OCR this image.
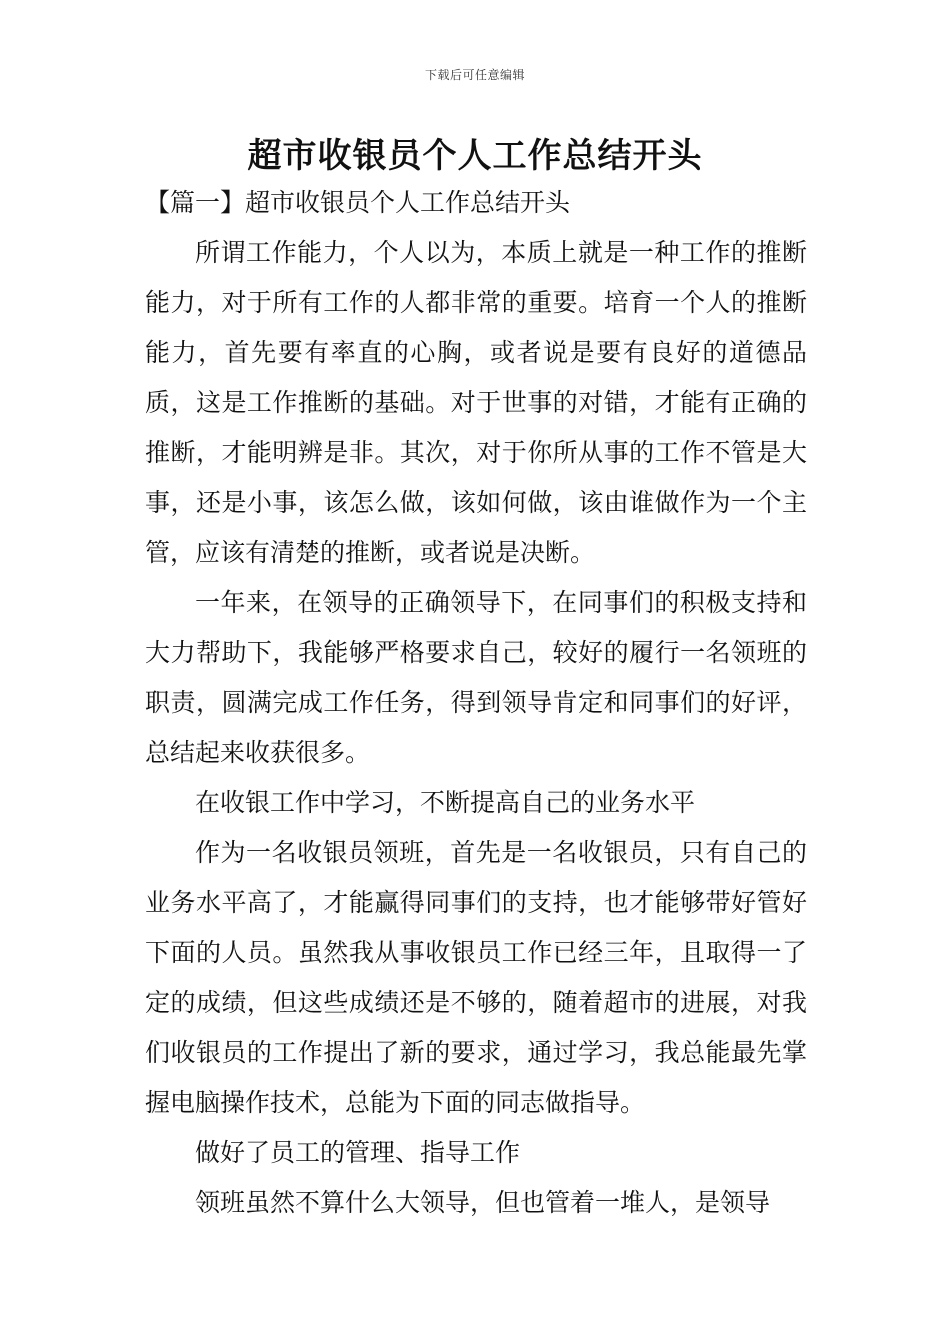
下载后可任意编辑
超市收银员个人工作总结开头

【篇一】超市收银员个人工作总结开头

所谓工作能力，个人以为，本质上就是一种工作的推断能力，对于所有工作的人都非常的重要。培育一个人的推断能力，首先要有率直的心胸，或者说是要有良好的道德品质，这是工作推断的基础。对于世事的对错，才能有正确的推断，才能明辨是非。其次，对于你所从事的工作不管是大事，还是小事，该怎么做，该如何做，该由谁做作为一个主管，应该有清楚的推断，或者说是决断。

一年来，在领导的正确领导下，在同事们的积极支持和大力帮助下，我能够严格要求自己，较好的履行一名领班的职责，圆满完成工作任务，得到领导肯定和同事们的好评，总结起来收获很多。

在收银工作中学习，不断提高自己的业务水平

作为一名收银员领班，首先是一名收银员，只有自己的业务水平高了，才能赢得同事们的支持，也才能够带好管好下面的人员。虽然我从事收银员工作已经三年，且取得一了定的成绩，但这些成绩还是不够的，随着超市的进展，对我们收银员的工作提出了新的要求，通过学习，我总能最先掌握电脑操作技术，总能为下面的同志做指导。

做好了员工的管理、指导工作

领班虽然不算什么大领导，但也管着一堆人，是领导
